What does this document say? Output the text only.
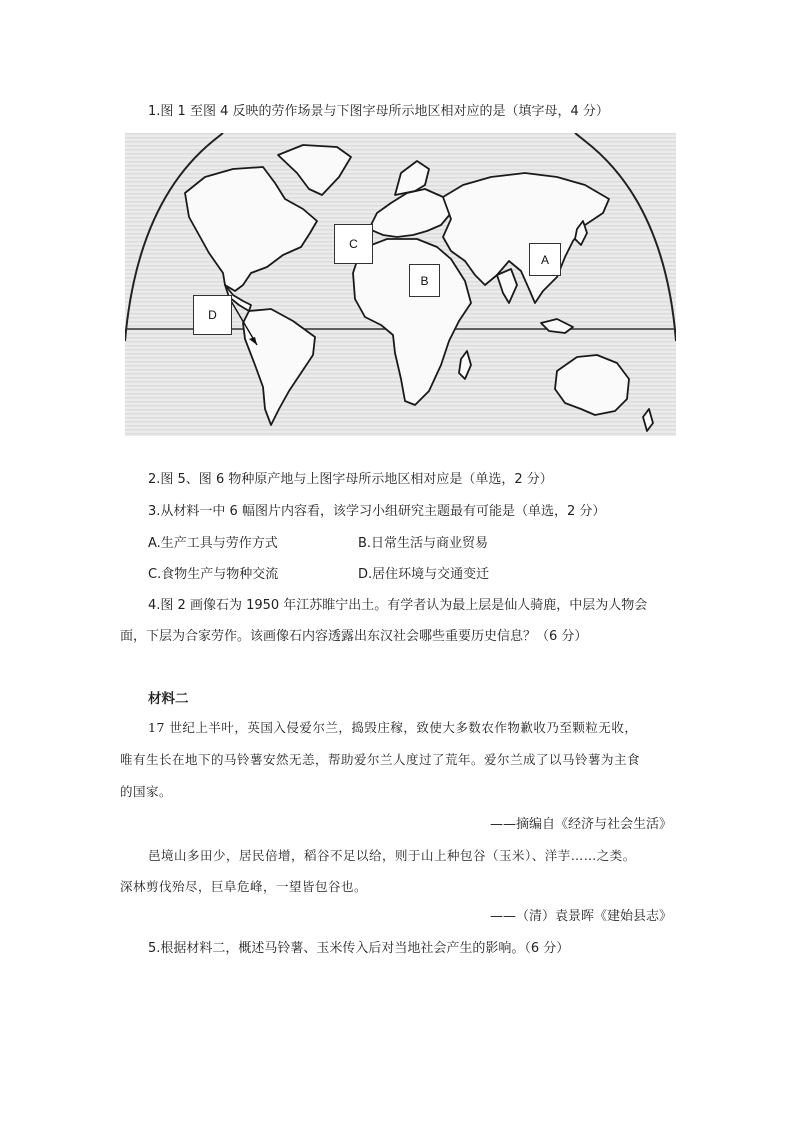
1.图 1 至图 4 反映的劳作场景与下图字母所示地区相对应的是（填字母，4 分）
C
B
A
D
2.图 5、图 6 物种原产地与上图字母所示地区相对应是（单选，2 分）
3.从材料一中 6 幅图片内容看，该学习小组研究主题最有可能是（单选，2 分）
A.生产工具与劳作方式	B.日常生活与商业贸易
C.食物生产与物种交流	D.居住环境与交通变迁
4.图 2 画像石为 1950 年江苏睢宁出土。有学者认为最上层是仙人骑鹿，中层为人物会
面，下层为合家劳作。该画像石内容透露出东汉社会哪些重要历史信息？（6 分）
材料二
17 世纪上半叶，英国入侵爱尔兰，捣毁庄稼，致使大多数农作物歉收乃至颗粒无收，
唯有生长在地下的马铃薯安然无恙，帮助爱尔兰人度过了荒年。爱尔兰成了以马铃薯为主食
的国家。
——摘编自《经济与社会生活》
邑境山多田少，居民倍增，稻谷不足以给，则于山上种包谷（玉米）、洋芋……之类。
深林剪伐殆尽，巨阜危峰，一望皆包谷也。
——（清）袁景晖《建始县志》
5.根据材料二，概述马铃薯、玉米传入后对当地社会产生的影响。（6 分）
